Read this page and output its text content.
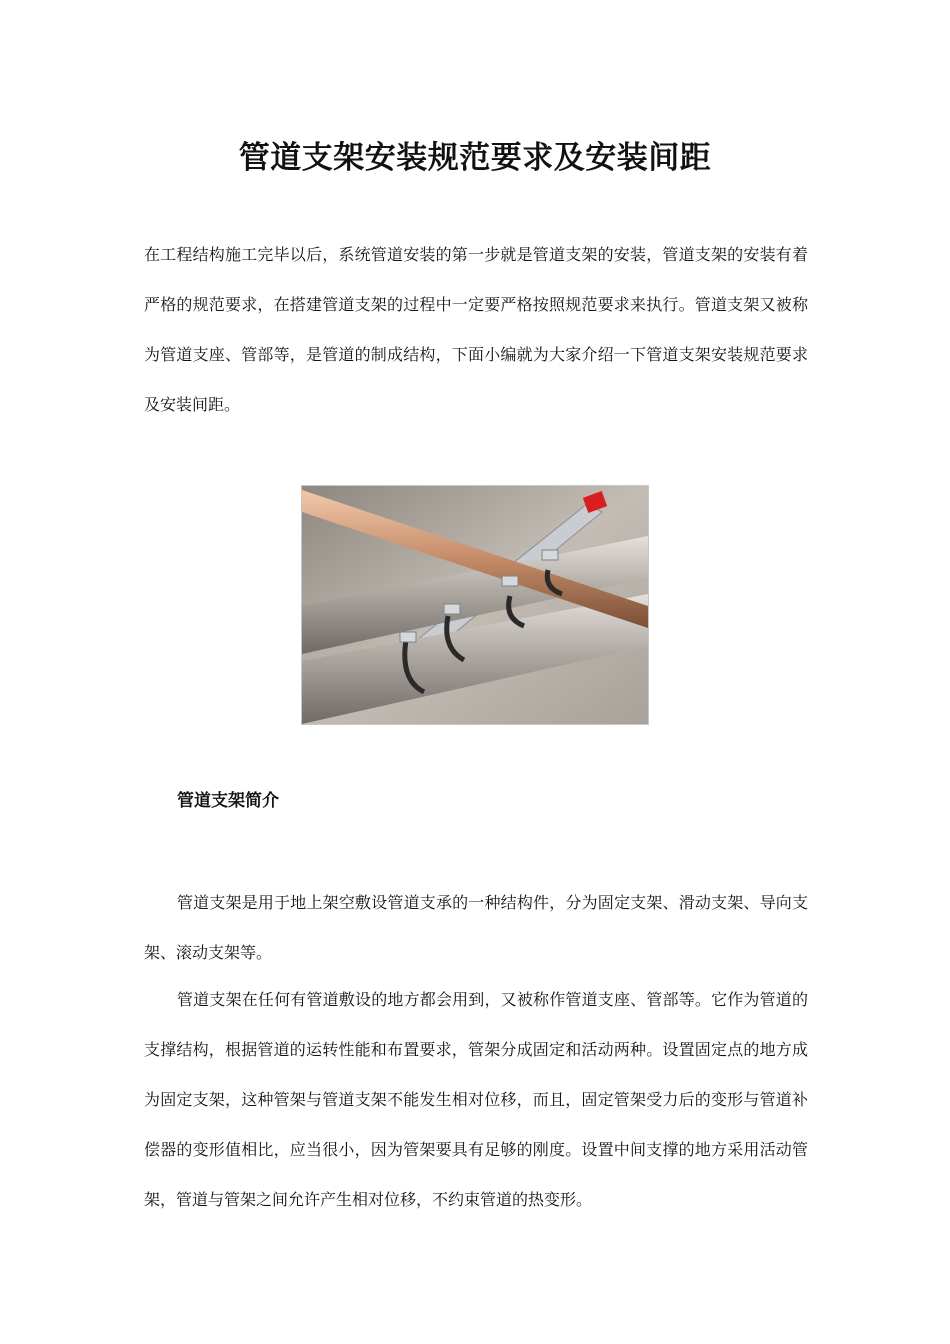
管道支架安装规范要求及安装间距

在工程结构施工完毕以后，系统管道安装的第一步就是管道支架的安装，管道支架的安装有着严格的规范要求，在搭建管道支架的过程中一定要严格按照规范要求来执行。管道支架又被称为管道支座、管部等，是管道的制成结构，下面小编就为大家介绍一下管道支架安装规范要求及安装间距。

管道支架简介

管道支架是用于地上架空敷设管道支承的一种结构件，分为固定支架、滑动支架、导向支架、滚动支架等。

管道支架在任何有管道敷设的地方都会用到，又被称作管道支座、管部等。它作为管道的支撑结构，根据管道的运转性能和布置要求，管架分成固定和活动两种。设置固定点的地方成为固定支架，这种管架与管道支架不能发生相对位移，而且，固定管架受力后的变形与管道补偿器的变形值相比，应当很小，因为管架要具有足够的刚度。设置中间支撑的地方采用活动管架，管道与管架之间允许产生相对位移，不约束管道的热变形。
